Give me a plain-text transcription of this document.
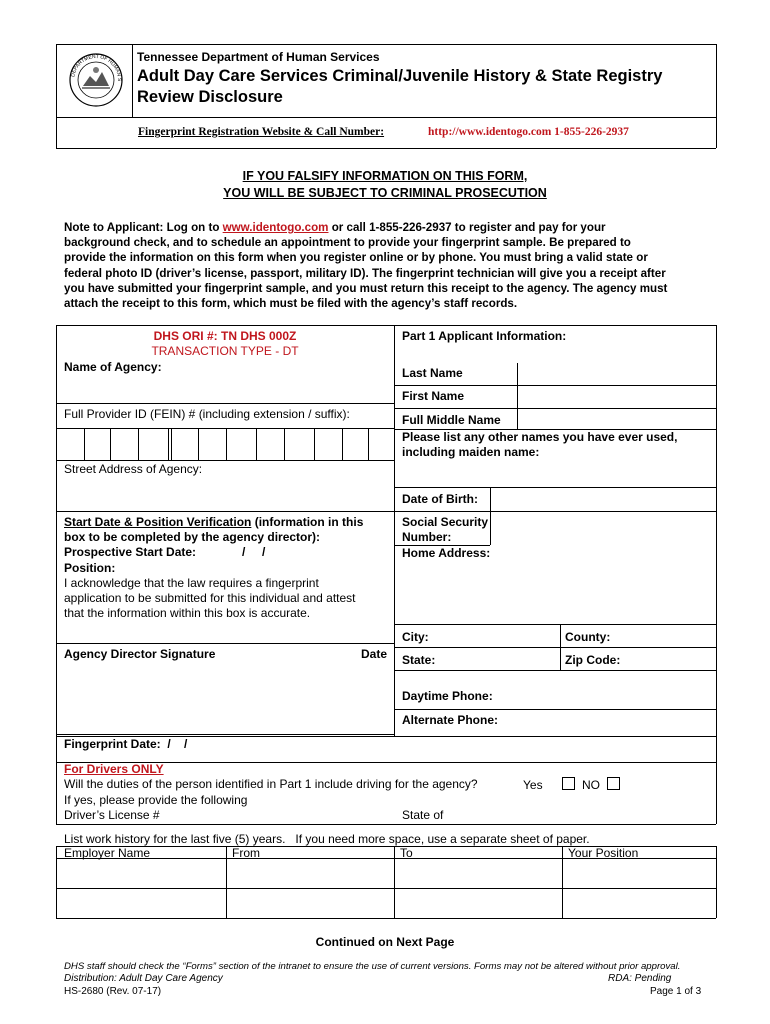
DEPARTMENT OF HUMAN S
Tennessee Department of Human Services
Adult Day Care Services Criminal/Juvenile History & State Registry
Review Disclosure
Fingerprint Registration Website & Call Number:	http://www.identogo.com 1-855-226-2937
IF YOU FALSIFY INFORMATION ON THIS FORM,
YOU WILL BE SUBJECT TO CRIMINAL PROSECUTION
Note to Applicant: Log on to www.identogo.com or call 1-855-226-2937 to register and pay for your
background check, and to schedule an appointment to provide your fingerprint sample. Be prepared to
provide the information on this form when you register online or by phone. You must bring a valid state or
federal photo ID (driver’s license, passport, military ID). The fingerprint technician will give you a receipt after
you have submitted your fingerprint sample, and you must return this receipt to the agency. The agency must
attach the receipt to this form, which must be filed with the agency’s staff records.
DHS ORI #: TN DHS 000Z
TRANSACTION TYPE - DT
Name of Agency:
Full Provider ID (FEIN) # (including extension / suffix):
Street Address of Agency:
Start Date & Position Verification (information in this
box to be completed by the agency director):
Prospective Start Date:	/     /
Position:
I acknowledge that the law requires a fingerprint
application to be submitted for this individual and attest
that the information within this box is accurate.
Agency Director Signature	Date
Part 1 Applicant Information:
Last Name
First Name
Full Middle Name
Please list any other names you have ever used,
including maiden name:
Date of Birth:
Social Security
Number:
Home Address:
City:	County:
State:	Zip Code:
Daytime Phone:
Alternate Phone:
Fingerprint Date:  /    /
For Drivers ONLY
Will the duties of the person identified in Part 1 include driving for the agency?	Yes	NO
If yes, please provide the following
Driver’s License #	State of
List work history for the last five (5) years.   If you need more space, use a separate sheet of paper.
Employer Name	From	To	Your Position
Continued on Next Page
DHS staff should check the “Forms” section of the intranet to ensure the use of current versions. Forms may not be altered without prior approval.
Distribution: Adult Day Care Agency	RDA: Pending
HS-2680 (Rev. 07-17)	Page 1 of 3
